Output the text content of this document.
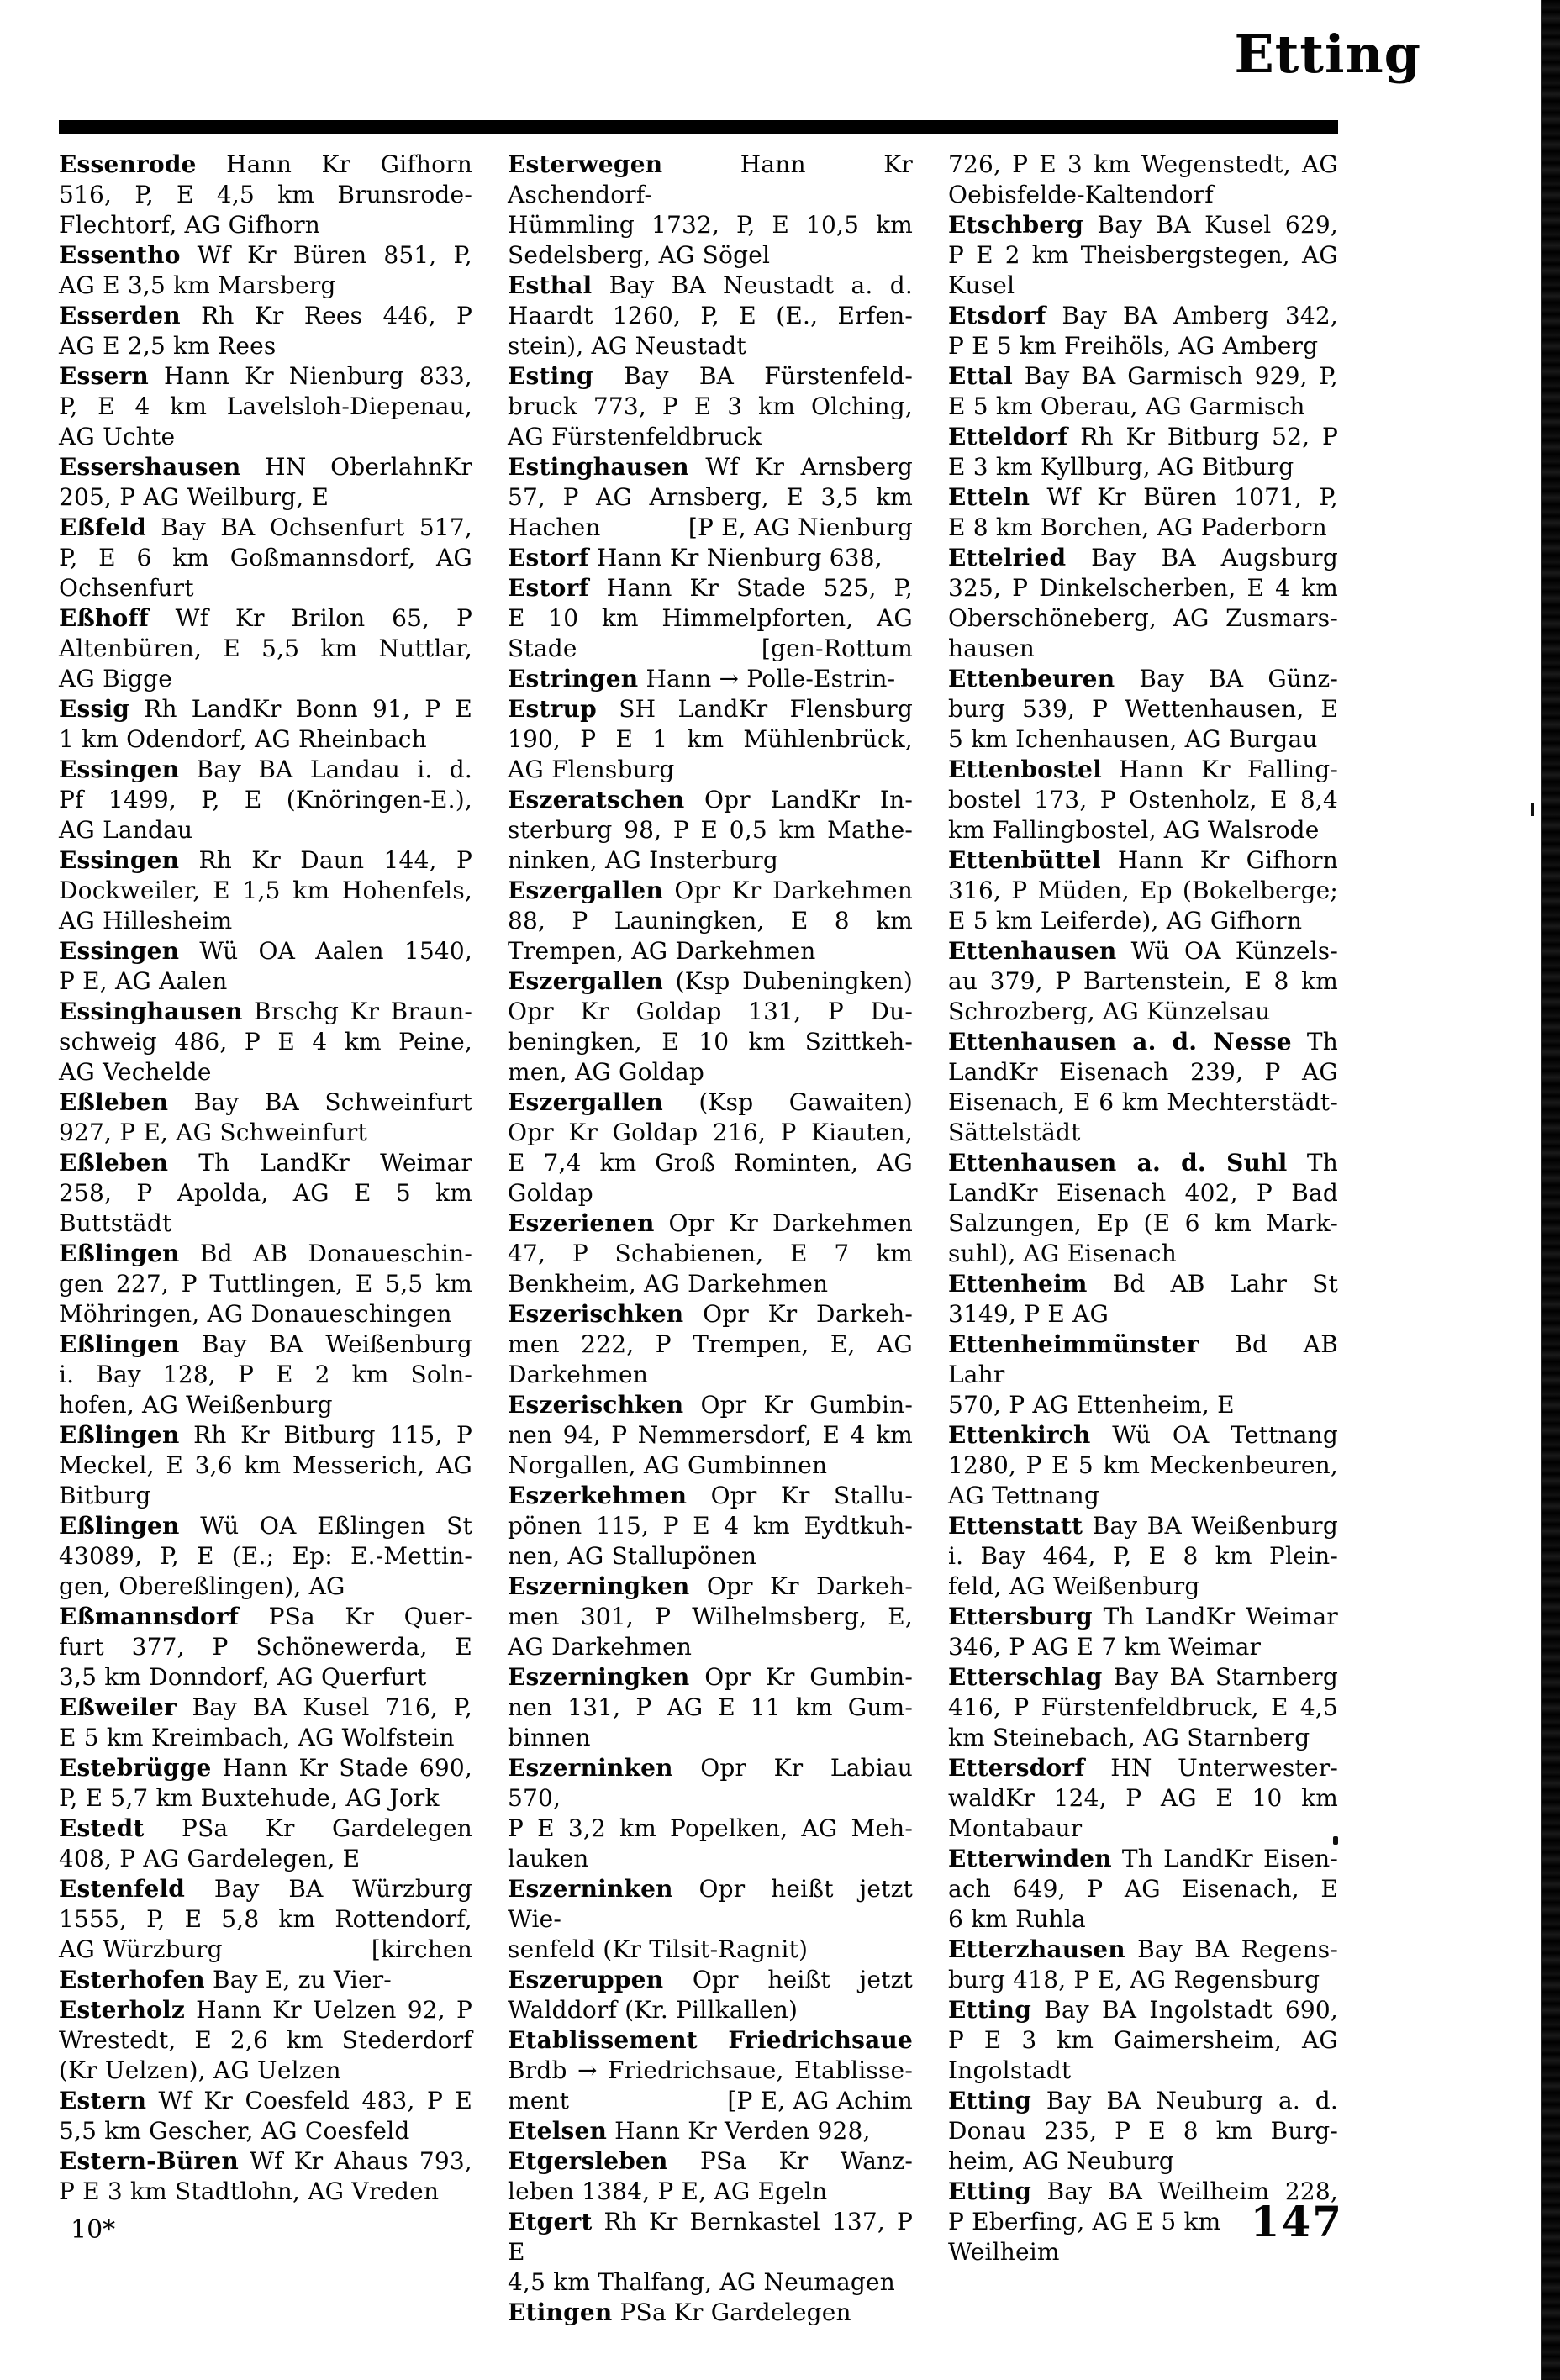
Etting
Essenrode Hann Kr Gifhorn
516, P, E 4,5 km Brunsrode-
Flechtorf, AG Gifhorn
Essentho Wf Kr Büren 851, P,
AG E 3,5 km Marsberg
Esserden Rh Kr Rees 446, P
AG E 2,5 km Rees
Essern Hann Kr Nienburg 833,
P, E 4 km Lavelsloh-Diepenau,
AG Uchte
Essershausen HN OberlahnKr
205, P AG Weilburg, E
Eßfeld Bay BA Ochsenfurt 517,
P, E 6 km Goßmannsdorf, AG
Ochsenfurt
Eßhoff Wf Kr Brilon 65, P
Altenbüren, E 5,5 km Nuttlar,
AG Bigge
Essig Rh LandKr Bonn 91, P E
1 km Odendorf, AG Rheinbach
Essingen Bay BA Landau i. d.
Pf 1499, P, E (Knöringen-E.),
AG Landau
Essingen Rh Kr Daun 144, P
Dockweiler, E 1,5 km Hohenfels,
AG Hillesheim
Essingen Wü OA Aalen 1540,
P E, AG Aalen
Essinghausen Brschg Kr Braun-
schweig 486, P E 4 km Peine,
AG Vechelde
Eßleben Bay BA Schweinfurt
927, P E, AG Schweinfurt
Eßleben Th LandKr Weimar
258, P Apolda, AG E 5 km
Buttstädt
Eßlingen Bd AB Donaueschin-
gen 227, P Tuttlingen, E 5,5 km
Möhringen, AG Donaueschingen
Eßlingen Bay BA Weißenburg
i. Bay 128, P E 2 km Soln-
hofen, AG Weißenburg
Eßlingen Rh Kr Bitburg 115, P
Meckel, E 3,6 km Messerich, AG
Bitburg
Eßlingen Wü OA Eßlingen St
43089, P, E (E.; Ep: E.-Mettin-
gen, Obereßlingen), AG
Eßmannsdorf PSa Kr Quer-
furt 377, P Schönewerda, E
3,5 km Donndorf, AG Querfurt
Eßweiler Bay BA Kusel 716, P,
E 5 km Kreimbach, AG Wolfstein
Estebrügge Hann Kr Stade 690,
P, E 5,7 km Buxtehude, AG Jork
Estedt PSa Kr Gardelegen
408, P AG Gardelegen, E
Estenfeld Bay BA Würzburg
1555, P, E 5,8 km Rottendorf,
AG Würzburg	[kirchen
Esterhofen Bay E, zu Vier-
Esterholz Hann Kr Uelzen 92, P
Wrestedt, E 2,6 km Stederdorf
(Kr Uelzen), AG Uelzen
Estern Wf Kr Coesfeld 483, P E
5,5 km Gescher, AG Coesfeld
Estern-Büren Wf Kr Ahaus 793,
P E 3 km Stadtlohn, AG Vreden
Esterwegen Hann Kr Aschendorf-
Hümmling 1732, P, E 10,5 km
Sedelsberg, AG Sögel
Esthal Bay BA Neustadt a. d.
Haardt 1260, P, E (E., Erfen-
stein), AG Neustadt
Esting Bay BA Fürstenfeld-
bruck 773, P E 3 km Olching,
AG Fürstenfeldbruck
Estinghausen Wf Kr Arnsberg
57, P AG Arnsberg, E 3,5 km
Hachen	[P E, AG Nienburg
Estorf Hann Kr Nienburg 638,
Estorf Hann Kr Stade 525, P,
E 10 km Himmelpforten, AG
Stade	[gen-Rottum
Estringen Hann → Polle-Estrin-
Estrup SH LandKr Flensburg
190, P E 1 km Mühlenbrück,
AG Flensburg
Eszeratschen Opr LandKr In-
sterburg 98, P E 0,5 km Mathe-
ninken, AG Insterburg
Eszergallen Opr Kr Darkehmen
88, P Launingken, E 8 km
Trempen, AG Darkehmen
Eszergallen (Ksp Dubeningken)
Opr Kr Goldap 131, P Du-
beningken, E 10 km Szittkeh-
men, AG Goldap
Eszergallen (Ksp Gawaiten)
Opr Kr Goldap 216, P Kiauten,
E 7,4 km Groß Rominten, AG
Goldap
Eszerienen Opr Kr Darkehmen
47, P Schabienen, E 7 km
Benkheim, AG Darkehmen
Eszerischken Opr Kr Darkeh-
men 222, P Trempen, E, AG
Darkehmen
Eszerischken Opr Kr Gumbin-
nen 94, P Nemmersdorf, E 4 km
Norgallen, AG Gumbinnen
Eszerkehmen Opr Kr Stallu-
pönen 115, P E 4 km Eydtkuh-
nen, AG Stallupönen
Eszerningken Opr Kr Darkeh-
men 301, P Wilhelmsberg, E,
AG Darkehmen
Eszerningken Opr Kr Gumbin-
nen 131, P AG E 11 km Gum-
binnen
Eszerninken Opr Kr Labiau 570,
P E 3,2 km Popelken, AG Meh-
lauken
Eszerninken Opr heißt jetzt Wie-
senfeld (Kr Tilsit-Ragnit)
Eszeruppen Opr heißt jetzt
Walddorf (Kr. Pillkallen)
Etablissement Friedrichsaue
Brdb → Friedrichsaue, Etablisse-
ment	[P E, AG Achim
Etelsen Hann Kr Verden 928,
Etgersleben PSa Kr Wanz-
leben 1384, P E, AG Egeln
Etgert Rh Kr Bernkastel 137, P E
4,5 km Thalfang, AG Neumagen
Etingen PSa Kr Gardelegen
726, P E 3 km Wegenstedt, AG
Oebisfelde-Kaltendorf
Etschberg Bay BA Kusel 629,
P E 2 km Theisbergstegen, AG
Kusel
Etsdorf Bay BA Amberg 342,
P E 5 km Freihöls, AG Amberg
Ettal Bay BA Garmisch 929, P,
E 5 km Oberau, AG Garmisch
Etteldorf Rh Kr Bitburg 52, P
E 3 km Kyllburg, AG Bitburg
Etteln Wf Kr Büren 1071, P,
E 8 km Borchen, AG Paderborn
Ettelried Bay BA Augsburg
325, P Dinkelscherben, E 4 km
Oberschöneberg, AG Zusmars-
hausen
Ettenbeuren Bay BA Günz-
burg 539, P Wettenhausen, E
5 km Ichenhausen, AG Burgau
Ettenbostel Hann Kr Falling-
bostel 173, P Ostenholz, E 8,4
km Fallingbostel, AG Walsrode
Ettenbüttel Hann Kr Gifhorn
316, P Müden, Ep (Bokelberge;
E 5 km Leiferde), AG Gifhorn
Ettenhausen Wü OA Künzels-
au 379, P Bartenstein, E 8 km
Schrozberg, AG Künzelsau
Ettenhausen a. d. Nesse Th
LandKr Eisenach 239, P AG
Eisenach, E 6 km Mechterstädt-
Sättelstädt
Ettenhausen a. d. Suhl Th
LandKr Eisenach 402, P Bad
Salzungen, Ep (E 6 km Mark-
suhl), AG Eisenach
Ettenheim Bd AB Lahr St
3149, P E AG
Ettenheimmünster Bd AB Lahr
570, P AG Ettenheim, E
Ettenkirch Wü OA Tettnang
1280, P E 5 km Meckenbeuren,
AG Tettnang
Ettenstatt Bay BA Weißenburg
i. Bay 464, P, E 8 km Plein-
feld, AG Weißenburg
Ettersburg Th LandKr Weimar
346, P AG E 7 km Weimar
Etterschlag Bay BA Starnberg
416, P Fürstenfeldbruck, E 4,5
km Steinebach, AG Starnberg
Ettersdorf HN Unterwester-
waldKr 124, P AG E 10 km
Montabaur
Etterwinden Th LandKr Eisen-
ach 649, P AG Eisenach, E
6 km Ruhla
Etterzhausen Bay BA Regens-
burg 418, P E, AG Regensburg
Etting Bay BA Ingolstadt 690,
P E 3 km Gaimersheim, AG
Ingolstadt
Etting Bay BA Neuburg a. d.
Donau 235, P E 8 km Burg-
heim, AG Neuburg
Etting Bay BA Weilheim 228,
P Eberfing, AG E 5 km Weilheim
10*	147
